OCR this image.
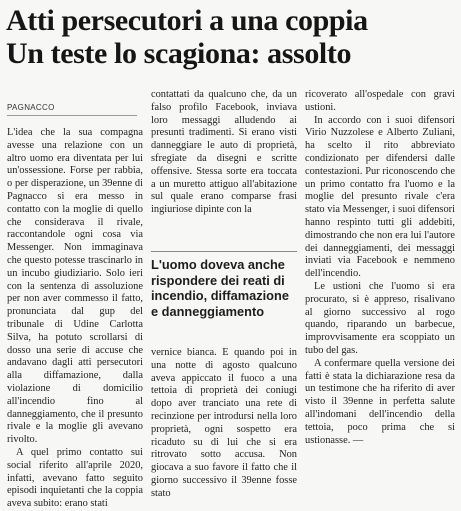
Atti persecutori a una coppia
Un teste lo scagiona: assolto
PAGNACCO

L'idea che la sua compagna avesse una relazione con un altro uomo era diventata per lui un'ossessione. Forse per rabbia, o per disperazione, un 39enne di Pagnacco si era messo in contatto con la moglie di quello che considerava il rivale, raccontandole ogni cosa via Messenger. Non immaginava che questo potesse trascinarlo in un incubo giudiziario. Solo ieri con la sentenza di assoluzione per non aver commesso il fatto, pronunciata dal gup del tribunale di Udine Carlotta Silva, ha potuto scrollarsi di dosso una serie di accuse che andavano dagli atti persecutori alla diffamazione, dalla violazione di domicilio all'incendio fino al danneggiamento, che il presunto rivale e la moglie gli avevano rivolto.

A quel primo contatto sui social riferito all'aprile 2020, infatti, avevano fatto seguito episodi inquietanti che la coppia aveva subito: erano stati

contattati da qualcuno che, da un falso profilo Facebook, inviava loro messaggi alludendo ai presunti tradimenti. Si erano visti danneggiare le auto di proprietà, sfregiate da disegni e scritte offensive. Stessa sorte era toccata a un muretto attiguo all'abitazione sul quale erano comparse frasi ingiuriose dipinte con la

L'uomo doveva anche rispondere dei reati di incendio, diffamazione e danneggiamento

vernice bianca. E quando poi in una notte di agosto qualcuno aveva appiccato il fuoco a una tettoia di proprietà dei coniugi dopo aver tranciato una rete di recinzione per introdursi nella loro proprietà, ogni sospetto era ricaduto su di lui che si era ritrovato sotto accusa. Non giocava a suo favore il fatto che il giorno successivo il 39enne fosse stato

ricoverato all'ospedale con gravi ustioni.

In accordo con i suoi difensori Virio Nuzzolese e Alberto Zuliani, ha scelto il rito abbreviato condizionato per difendersi dalle contestazioni. Pur riconoscendo che un primo contatto fra l'uomo e la moglie del presunto rivale c'era stato via Messenger, i suoi difensori hanno respinto tutti gli addebiti, dimostrando che non era lui l'autore dei danneggiamenti, dei messaggi inviati via Facebook e nemmeno dell'incendio.

Le ustioni che l'uomo si era procurato, si è appreso, risalivano al giorno successivo al rogo quando, riparando un barbecue, improvvisamente era scoppiato un tubo del gas.

A confermare quella versione dei fatti è stata la dichiarazione resa da un testimone che ha riferito di aver visto il 39enne in perfetta salute all'indomani dell'incendio della tettoia, poco prima che si ustionasse. —
